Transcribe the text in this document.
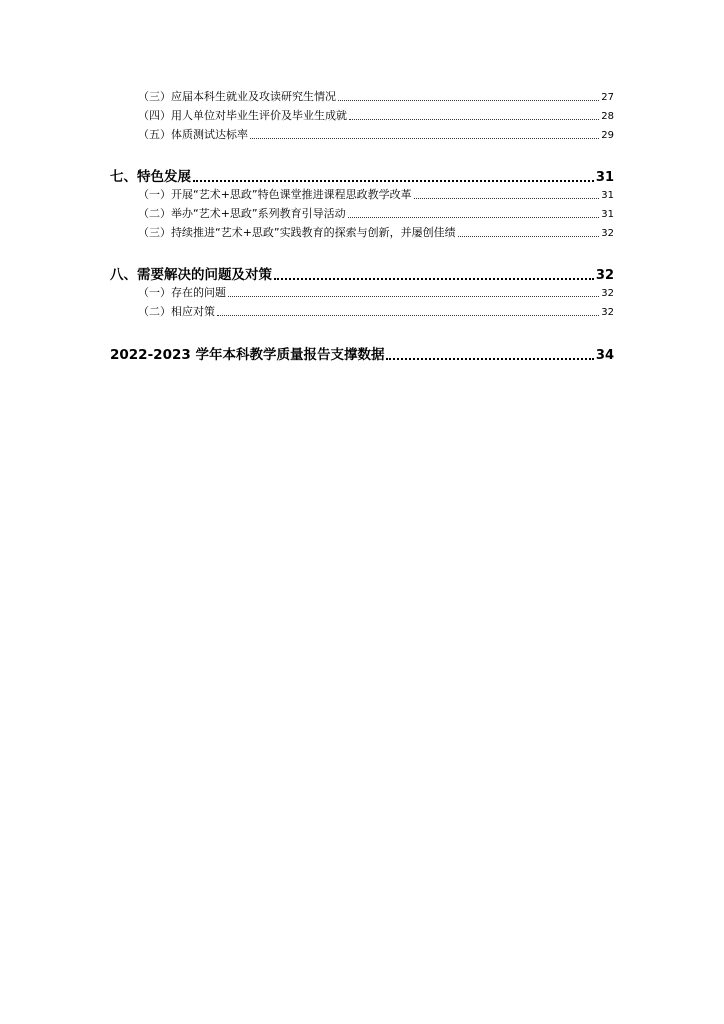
（三）应届本科生就业及攻读研究生情况	27
（四）用人单位对毕业生评价及毕业生成就	28
（五）体质测试达标率	29
七、特色发展	31
（一）开展“艺术+思政”特色课堂推进课程思政教学改革	31
（二）举办“艺术+思政”系列教育引导活动	31
（三）持续推进“艺术+思政”实践教育的探索与创新，并屡创佳绩	32
八、需要解决的问题及对策	32
（一）存在的问题	32
（二）相应对策	32
2022-2023 学年本科教学质量报告支撑数据	34
